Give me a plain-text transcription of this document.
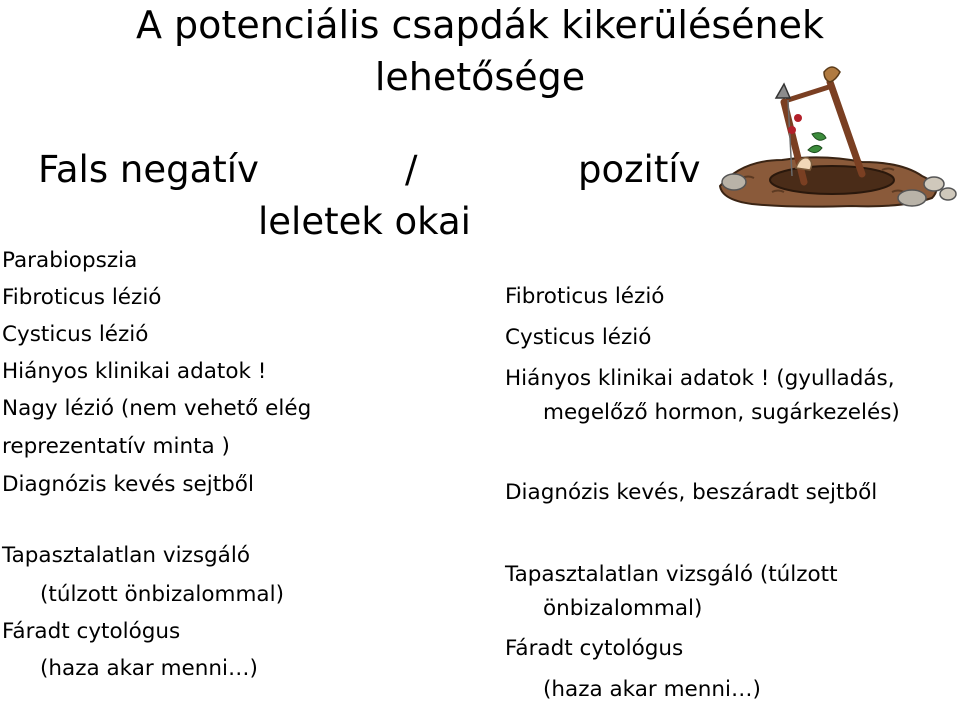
A potenciális csapdák kikerülésének
lehetősége
Fals negatív	/	pozitív
leletek okai
Parabiopszia
Fibroticus lézió
Cysticus lézió
Hiányos klinikai adatok !
Nagy lézió (nem vehető elég
reprezentatív minta )
Diagnózis kevés sejtből
Tapasztalatlan vizsgáló
(túlzott önbizalommal)
Fáradt cytológus
(haza akar menni…)
Fibroticus lézió
Cysticus lézió
Hiányos klinikai adatok ! (gyulladás,
megelőző hormon, sugárkezelés)
Diagnózis kevés, beszáradt sejtből
Tapasztalatlan vizsgáló (túlzott
önbizalommal)
Fáradt cytológus
(haza akar menni…)
